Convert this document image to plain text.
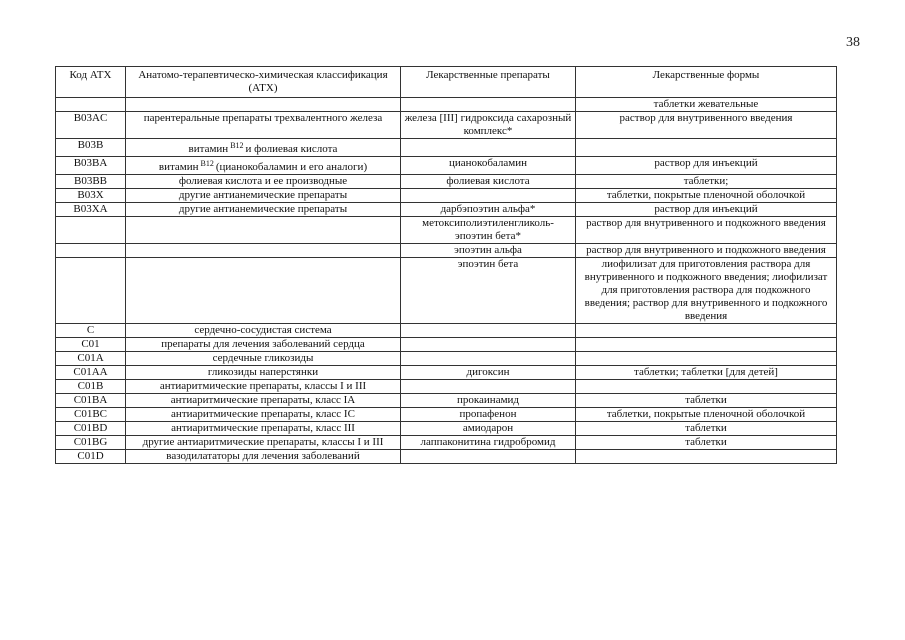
38
Код АТХ	Анатомо-терапевтическо-химическая классификация (АТХ)	Лекарственные препараты	Лекарственные формы
			таблетки жевательные
B03AC	парентеральные препараты трехвалентного железа	железа [III] гидроксида сахарозный комплекс*	раствор для внутривенного введения
B03B	витамин $^{B12}$ и фолиевая кислота		
B03BA	витамин $^{B12}$ (цианокобаламин и его аналоги)	цианокобаламин	раствор для инъекций
B03BB	фолиевая кислота и ее производные	фолиевая кислота	таблетки;
B03X	другие антианемические препараты		таблетки, покрытые пленочной оболочкой
B03XA	другие антианемические препараты	дарбэпоэтин альфа*	раствор для инъекций
		метоксиполиэтиленгликоль-эпоэтин бета*	раствор для внутривенного и подкожного введения
		эпоэтин альфа	раствор для внутривенного и подкожного введения
		эпоэтин бета	лиофилизат для приготовления раствора для внутривенного и подкожного введения; лиофилизат для приготовления раствора для подкожного введения; раствор для внутривенного и подкожного введения
C	сердечно-сосудистая система		
C01	препараты для лечения заболеваний сердца		
C01A	сердечные гликозиды		
C01AA	гликозиды наперстянки	дигоксин	таблетки; таблетки [для детей]
C01B	антиаритмические препараты, классы I и III		
C01BA	антиаритмические препараты, класс IA	прокаинамид	таблетки
C01BC	антиаритмические препараты, класс IC	пропафенон	таблетки, покрытые пленочной оболочкой
C01BD	антиаритмические препараты, класс III	амиодарон	таблетки
C01BG	другие антиаритмические препараты, классы I и III	лаппаконитина гидробромид	таблетки
C01D	вазодилататоры для лечения заболеваний		
